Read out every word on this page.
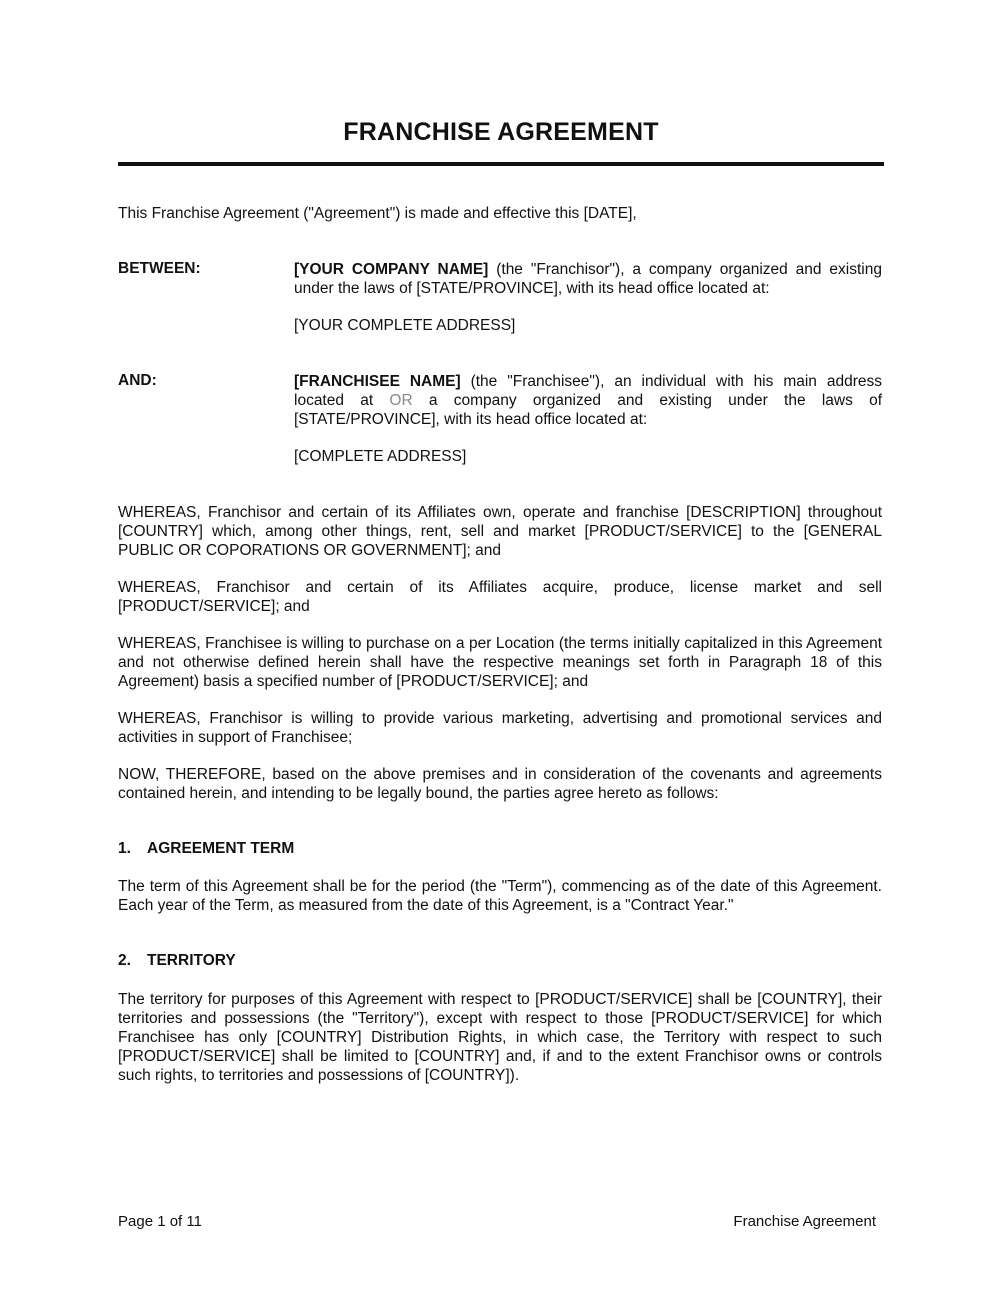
FRANCHISE AGREEMENT

This Franchise Agreement ("Agreement") is made and effective this [DATE],

BETWEEN:	[YOUR COMPANY NAME] (the "Franchisor"), a company organized and existing under the laws of [STATE/PROVINCE], with its head office located at:

[YOUR COMPLETE ADDRESS]

AND:	[FRANCHISEE NAME] (the "Franchisee"), an individual with his main address located at OR a company organized and existing under the laws of [STATE/PROVINCE], with its head office located at:

[COMPLETE ADDRESS]

WHEREAS, Franchisor and certain of its Affiliates own, operate and franchise [DESCRIPTION] throughout [COUNTRY] which, among other things, rent, sell and market [PRODUCT/SERVICE] to the [GENERAL PUBLIC OR COPORATIONS OR GOVERNMENT]; and

WHEREAS, Franchisor and certain of its Affiliates acquire, produce, license market and sell [PRODUCT/SERVICE]; and

WHEREAS, Franchisee is willing to purchase on a per Location (the terms initially capitalized in this Agreement and not otherwise defined herein shall have the respective meanings set forth in Paragraph 18 of this Agreement) basis a specified number of [PRODUCT/SERVICE]; and

WHEREAS, Franchisor is willing to provide various marketing, advertising and promotional services and activities in support of Franchisee;

NOW, THEREFORE, based on the above premises and in consideration of the covenants and agreements contained herein, and intending to be legally bound, the parties agree hereto as follows:

1. AGREEMENT TERM

The term of this Agreement shall be for the period (the "Term"), commencing as of the date of this Agreement. Each year of the Term, as measured from the date of this Agreement, is a "Contract Year."

2. TERRITORY

The territory for purposes of this Agreement with respect to [PRODUCT/SERVICE] shall be [COUNTRY], their territories and possessions (the "Territory"), except with respect to those [PRODUCT/SERVICE] for which Franchisee has only [COUNTRY] Distribution Rights, in which case, the Territory with respect to such [PRODUCT/SERVICE] shall be limited to [COUNTRY] and, if and to the extent Franchisor owns or controls such rights, to territories and possessions of [COUNTRY]).

Page 1 of 11	Franchise Agreement
